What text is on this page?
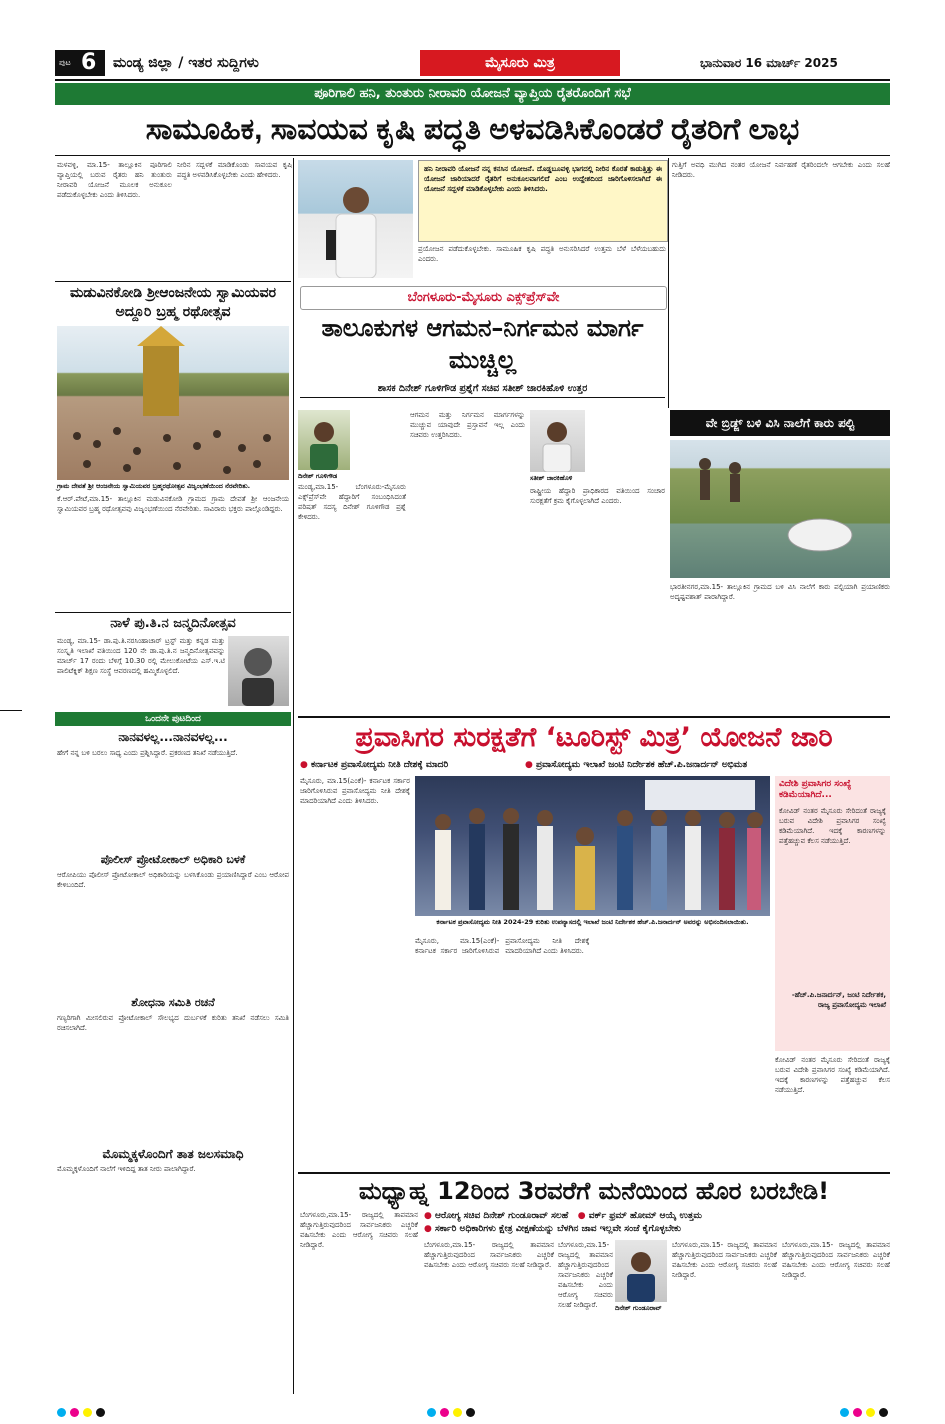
ಪುಟ 6 ಮಂಡ್ಯ ಜಿಲ್ಲಾ / ಇತರ ಸುದ್ದಿಗಳು	ಮೈಸೂರು ಮಿತ್ರ	ಭಾನುವಾರ 16 ಮಾರ್ಚ್ 2025
ಪೂರಿಗಾಲಿ ಹನಿ, ತುಂತುರು ನೀರಾವರಿ ಯೋಜನೆ ವ್ಯಾಪ್ತಿಯ ರೈತರೊಂದಿಗೆ ಸಭೆ
ಸಾಮೂಹಿಕ, ಸಾವಯವ ಕೃಷಿ ಪದ್ಧತಿ ಅಳವಡಿಸಿಕೊಂಡರೆ ರೈತರಿಗೆ ಲಾಭ
ಮಳವಳ್ಳಿ, ಮಾ.15- ತಾಲ್ಲೂಕಿನ ಪೂರಿಗಾಲಿ ವ್ಯಾಪ್ತಿಯಲ್ಲಿ ಬರುವ ರೈತರು ಹನಿ ತುಂತುರು ನೀರಾವರಿ ಯೋಜನೆ ಮೂಲಕ ಅನುಕೂಲ ಪಡೆದುಕೊಳ್ಳಬೇಕು ಎಂದು ತಿಳಿಸಿದರು.
ನೀರಿನ ಸದ್ಬಳಕೆ ಮಾಡಿಕೊಂಡು ಸಾವಯವ ಕೃಷಿ ಪದ್ಧತಿ ಅಳವಡಿಸಿಕೊಳ್ಳಬೇಕು ಎಂದು ಹೇಳಿದರು.
ಹನಿ ನೀರಾವರಿ ಯೋಜನೆ ನನ್ನ ಕನಸಿನ ಯೋಜನೆ. ದೊಡ್ಡಬೂವಳ್ಳಿ ಭಾಗದಲ್ಲಿ ನೀರಿನ ಕೊರತೆ ಕಾಡುತ್ತಿತ್ತು ಈ ಯೋಜನೆ ಜಾರಿಯಾದರೆ ರೈತರಿಗೆ ಅನುಕೂಲವಾಗಲಿದೆ ಎಂಬ ಉದ್ದೇಶದಿಂದ ಜಾರಿಗೊಳಿಸಲಾಗಿದೆ ಈ ಯೋಜನೆ ಸದ್ಬಳಕೆ ಮಾಡಿಕೊಳ್ಳಬೇಕು ಎಂದು ತಿಳಿಸಿದರು.
ಪ್ರಯೋಜನ ಪಡೆದುಕೊಳ್ಳಬೇಕು. ಸಾಮೂಹಿಕ ಕೃಷಿ ಪದ್ಧತಿ ಅನುಸರಿಸಿದರೆ ಉತ್ತಮ ಬೆಳೆ ಬೆಳೆಯಬಹುದು ಎಂದರು.
ಗುತ್ತಿಗೆ ಅವಧಿ ಮುಗಿದ ನಂತರ ಯೋಜನೆ ನಿರ್ವಹಣೆ ರೈತರಿಂದಲೇ ಆಗಬೇಕು ಎಂದು ಸಲಹೆ ನೀಡಿದರು.
ಮಡುವಿನಕೋಡಿ ಶ್ರೀಆಂಜನೇಯ ಸ್ವಾಮಿಯವರ ಅದ್ದೂರಿ ಬ್ರಹ್ಮ ರಥೋತ್ಸವ
ಗ್ರಾಮ ದೇವತೆ ಶ್ರೀ ಆಂಜನೇಯ ಸ್ವಾಮಿಯವರ ಬ್ರಹ್ಮರಥೋತ್ಸವ ವಿಜೃಂಭಣೆಯಿಂದ ನೆರವೇರಿತು.
ಕೆ.ಆರ್.ಪೇಟೆ,ಮಾ.15- ತಾಲ್ಲೂಕಿನ ಮಡುವಿನಕೋಡಿ ಗ್ರಾಮದ ಗ್ರಾಮ ದೇವತೆ ಶ್ರೀ ಆಂಜನೇಯ ಸ್ವಾಮಿಯವರ ಬ್ರಹ್ಮ ರಥೋತ್ಸವವು ವಿಜೃಂಭಣೆಯಿಂದ ನೆರವೇರಿತು. ಸಾವಿರಾರು ಭಕ್ತರು ಪಾಲ್ಗೊಂಡಿದ್ದರು.
ನಾಳೆ ಪು.ತಿ.ನ ಜನ್ಮದಿನೋತ್ಸವ
ಮಂಡ್ಯ, ಮಾ.15- ಡಾ.ಪು.ತಿ.ನರಸಿಂಹಾಚಾರ್ ಟ್ರಸ್ಟ್ ಮತ್ತು ಕನ್ನಡ ಮತ್ತು ಸಂಸ್ಕೃತಿ ಇಲಾಖೆ ವತಿಯಿಂದ 120 ನೇ ಡಾ.ಪು.ತಿ.ನ ಜನ್ಮದಿನೋತ್ಸವವನ್ನು ಮಾರ್ಚ್ 17 ರಂದು ಬೆಳಿಗ್ಗೆ 10.30 ರಲ್ಲಿ ಮೇಲುಕೋಟೆಯ ಎಸ್.ಇ.ಟಿ ಪಾಲಿಟೆಕ್ನಿಕ್ ಶಿಕ್ಷಣ ಸಂಸ್ಥೆ ಆವರಣದಲ್ಲಿ ಹಮ್ಮಿಕೊಳ್ಳಲಿದೆ.
ಒಂದನೇ ಪುಟದಿಂದ
ನಾನವಳಲ್ಲ...ನಾನವಳಲ್ಲ...
ಹೇಗೆ ನನ್ನ ಬಳಿ ಬರಲು ಸಾಧ್ಯ ಎಂದು ಪ್ರಶ್ನಿಸಿದ್ದಾರೆ. ಪ್ರಕರಣದ ತನಿಖೆ ನಡೆಯುತ್ತಿದೆ.
ಪೊಲೀಸ್ ಪ್ರೋಟೋಕಾಲ್ ಅಧಿಕಾರಿ ಬಳಕೆ
ಆರೋಪಿಯು ಪೊಲೀಸ್ ಪ್ರೋಟೋಕಾಲ್ ಅಧಿಕಾರಿಯನ್ನು ಬಳಸಿಕೊಂಡು ಪ್ರಯಾಣಿಸಿದ್ದಾರೆ ಎಂಬ ಆರೋಪ ಕೇಳಿಬಂದಿದೆ.
ಶೋಧನಾ ಸಮಿತಿ ರಚನೆ
ಗಣ್ಯರಿಗಾಗಿ ಮೀಸಲಿರುವ ಪ್ರೋಟೋಕಾಲ್ ಸೌಲಭ್ಯದ ದುರ್ಬಳಕೆ ಕುರಿತು ತನಿಖೆ ನಡೆಸಲು ಸಮಿತಿ ರಚಿಸಲಾಗಿದೆ.
ಮೊಮ್ಮಕ್ಕಳೊಂದಿಗೆ ತಾತ ಜಲಸಮಾಧಿ
ಮೊಮ್ಮಕ್ಕಳೊಂದಿಗೆ ನಾಲೆಗೆ ಇಳಿದಿದ್ದ ತಾತ ನೀರು ಪಾಲಾಗಿದ್ದಾರೆ.
ಬೆಂಗಳೂರು-ಮೈಸೂರು ಎಕ್ಸ್‌ಪ್ರೆಸ್‌ವೇ
ತಾಲೂಕುಗಳ ಆಗಮನ–ನಿರ್ಗಮನ ಮಾರ್ಗ ಮುಚ್ಚಿಲ್ಲ
ಶಾಸಕ ದಿನೇಶ್ ಗೂಳಿಗೌಡ ಪ್ರಶ್ನೆಗೆ ಸಚಿವ ಸತೀಶ್ ಜಾರಕಿಹೊಳಿ ಉತ್ತರ
ದಿನೇಶ್ ಗೂಳಿಗೌಡ
ಮಂಡ್ಯ,ಮಾ.15- ಬೆಂಗಳೂರು-ಮೈಸೂರು ಎಕ್ಸ್‌ಪ್ರೆಸ್‌ವೇ ಹೆದ್ದಾರಿಗೆ ಸಂಬಂಧಿಸಿದಂತೆ ಪರಿಷತ್ ಸದಸ್ಯ ದಿನೇಶ್ ಗೂಳಿಗೌಡ ಪ್ರಶ್ನೆ ಕೇಳಿದರು.
ಆಗಮನ ಮತ್ತು ನಿರ್ಗಮನ ಮಾರ್ಗಗಳನ್ನು ಮುಚ್ಚುವ ಯಾವುದೇ ಪ್ರಸ್ತಾವನೆ ಇಲ್ಲ ಎಂದು ಸಚಿವರು ಉತ್ತರಿಸಿದರು.
ಸತೀಶ್ ಜಾರಕಿಹೊಳಿ
ರಾಷ್ಟ್ರೀಯ ಹೆದ್ದಾರಿ ಪ್ರಾಧಿಕಾರದ ವತಿಯಿಂದ ಸಂಚಾರ ಸುರಕ್ಷತೆಗೆ ಕ್ರಮ ಕೈಗೊಳ್ಳಲಾಗಿದೆ ಎಂದರು.
ವೇ ಬ್ರಿಡ್ಜ್ ಬಳಿ ವಿಸಿ ನಾಲೆಗೆ ಕಾರು ಪಲ್ಟಿ
ಭಾರತೀನಗರ,ಮಾ.15- ತಾಲ್ಲೂಕಿನ ಗ್ರಾಮದ ಬಳಿ ವಿಸಿ ನಾಲೆಗೆ ಕಾರು ಪಲ್ಟಿಯಾಗಿ ಪ್ರಯಾಣಿಕರು ಅದೃಷ್ಟವಶಾತ್ ಪಾರಾಗಿದ್ದಾರೆ.
ಪ್ರವಾಸಿಗರ ಸುರಕ್ಷತೆಗೆ ‘ಟೂರಿಸ್ಟ್ ಮಿತ್ರ’ ಯೋಜನೆ ಜಾರಿ
● ಕರ್ನಾಟಕ ಪ್ರವಾಸೋದ್ಯಮ ನೀತಿ ದೇಶಕ್ಕೆ ಮಾದರಿ	● ಪ್ರವಾಸೋದ್ಯಮ ಇಲಾಖೆ ಜಂಟಿ ನಿರ್ದೇಶಕ ಹೆಚ್.ಪಿ.ಜನಾರ್ದನ್ ಅಭಿಮತ
ಮೈಸೂರು, ಮಾ.15(ಎಂಕೆ)- ಕರ್ನಾಟಕ ಸರ್ಕಾರ ಜಾರಿಗೊಳಿಸಿರುವ ಪ್ರವಾಸೋದ್ಯಮ ನೀತಿ ದೇಶಕ್ಕೆ ಮಾದರಿಯಾಗಿದೆ ಎಂದು ತಿಳಿಸಿದರು.
ಕರ್ನಾಟಕ ಪ್ರವಾಸೋದ್ಯಮ ನೀತಿ 2024-29 ಕುರಿತು ಉಪನ್ಯಾಸದಲ್ಲಿ ಇಲಾಖೆ ಜಂಟಿ ನಿರ್ದೇಶಕ ಹೆಚ್.ಪಿ.ಜನಾರ್ದನ್ ಅವರನ್ನು ಅಭಿನಂದಿಸಲಾಯಿತು.
ವಿದೇಶಿ ಪ್ರವಾಸಿಗರ ಸಂಖ್ಯೆ ಕಡಿಮೆಯಾಗಿದೆ...
ಕೋವಿಡ್ ನಂತರ ಮೈಸೂರು ಸೇರಿದಂತೆ ರಾಜ್ಯಕ್ಕೆ ಬರುವ ವಿದೇಶಿ ಪ್ರವಾಸಿಗರ ಸಂಖ್ಯೆ ಕಡಿಮೆಯಾಗಿದೆ. ಇದಕ್ಕೆ ಕಾರಣಗಳನ್ನು ಪತ್ತೆಹಚ್ಚುವ ಕೆಲಸ ನಡೆಯುತ್ತಿದೆ.
-ಹೆಚ್.ಪಿ.ಜನಾರ್ದನ್, ಜಂಟಿ ನಿರ್ದೇಶಕ, ರಾಜ್ಯ ಪ್ರವಾಸೋದ್ಯಮ ಇಲಾಖೆ
ಮೈಸೂರು, ಮಾ.15(ಎಂಕೆ)- ಕರ್ನಾಟಕ ಸರ್ಕಾರ ಜಾರಿಗೊಳಿಸಿರುವ ಪ್ರವಾಸೋದ್ಯಮ ನೀತಿ ದೇಶಕ್ಕೆ ಮಾದರಿಯಾಗಿದೆ ಎಂದು ತಿಳಿಸಿದರು.
ಕೋವಿಡ್ ನಂತರ ಮೈಸೂರು ಸೇರಿದಂತೆ ರಾಜ್ಯಕ್ಕೆ ಬರುವ ವಿದೇಶಿ ಪ್ರವಾಸಿಗರ ಸಂಖ್ಯೆ ಕಡಿಮೆಯಾಗಿದೆ. ಇದಕ್ಕೆ ಕಾರಣಗಳನ್ನು ಪತ್ತೆಹಚ್ಚುವ ಕೆಲಸ ನಡೆಯುತ್ತಿದೆ.
ಮಧ್ಯಾಹ್ನ 12ರಿಂದ 3ರವರೆಗೆ ಮನೆಯಿಂದ ಹೊರ ಬರಬೇಡಿ!
ಬೆಂಗಳೂರು,ಮಾ.15- ರಾಜ್ಯದಲ್ಲಿ ತಾಪಮಾನ ಹೆಚ್ಚಾಗುತ್ತಿರುವುದರಿಂದ ಸಾರ್ವಜನಿಕರು ಎಚ್ಚರಿಕೆ ವಹಿಸಬೇಕು ಎಂದು ಆರೋಗ್ಯ ಸಚಿವರು ಸಲಹೆ ನೀಡಿದ್ದಾರೆ.
● ಆರೋಗ್ಯ ಸಚಿವ ದಿನೇಶ್ ಗುಂಡೂರಾವ್ ಸಲಹೆ ● ವರ್ಕ್ ಫ್ರಮ್ ಹೋಮ್ ಆಯ್ಕೆ ಉತ್ತಮ
● ಸರ್ಕಾರಿ ಅಧಿಕಾರಿಗಳು ಕ್ಷೇತ್ರ ವೀಕ್ಷಣೆಯನ್ನು ಬೆಳಗಿನ ಜಾವ ಇಲ್ಲವೇ ಸಂಜೆ ಕೈಗೊಳ್ಳಬೇಕು
ಬೆಂಗಳೂರು,ಮಾ.15- ರಾಜ್ಯದಲ್ಲಿ ತಾಪಮಾನ ಹೆಚ್ಚಾಗುತ್ತಿರುವುದರಿಂದ ಸಾರ್ವಜನಿಕರು ಎಚ್ಚರಿಕೆ ವಹಿಸಬೇಕು ಎಂದು ಆರೋಗ್ಯ ಸಚಿವರು ಸಲಹೆ ನೀಡಿದ್ದಾರೆ.
ಬೆಂಗಳೂರು,ಮಾ.15- ರಾಜ್ಯದಲ್ಲಿ ತಾಪಮಾನ ಹೆಚ್ಚಾಗುತ್ತಿರುವುದರಿಂದ ಸಾರ್ವಜನಿಕರು ಎಚ್ಚರಿಕೆ ವಹಿಸಬೇಕು ಎಂದು ಆರೋಗ್ಯ ಸಚಿವರು ಸಲಹೆ ನೀಡಿದ್ದಾರೆ.	ದಿನೇಶ್ ಗುಂಡೂರಾವ್
ಬೆಂಗಳೂರು,ಮಾ.15- ರಾಜ್ಯದಲ್ಲಿ ತಾಪಮಾನ ಹೆಚ್ಚಾಗುತ್ತಿರುವುದರಿಂದ ಸಾರ್ವಜನಿಕರು ಎಚ್ಚರಿಕೆ ವಹಿಸಬೇಕು ಎಂದು ಆರೋಗ್ಯ ಸಚಿವರು ಸಲಹೆ ನೀಡಿದ್ದಾರೆ.
ಬೆಂಗಳೂರು,ಮಾ.15- ರಾಜ್ಯದಲ್ಲಿ ತಾಪಮಾನ ಹೆಚ್ಚಾಗುತ್ತಿರುವುದರಿಂದ ಸಾರ್ವಜನಿಕರು ಎಚ್ಚರಿಕೆ ವಹಿಸಬೇಕು ಎಂದು ಆರೋಗ್ಯ ಸಚಿವರು ಸಲಹೆ ನೀಡಿದ್ದಾರೆ.
